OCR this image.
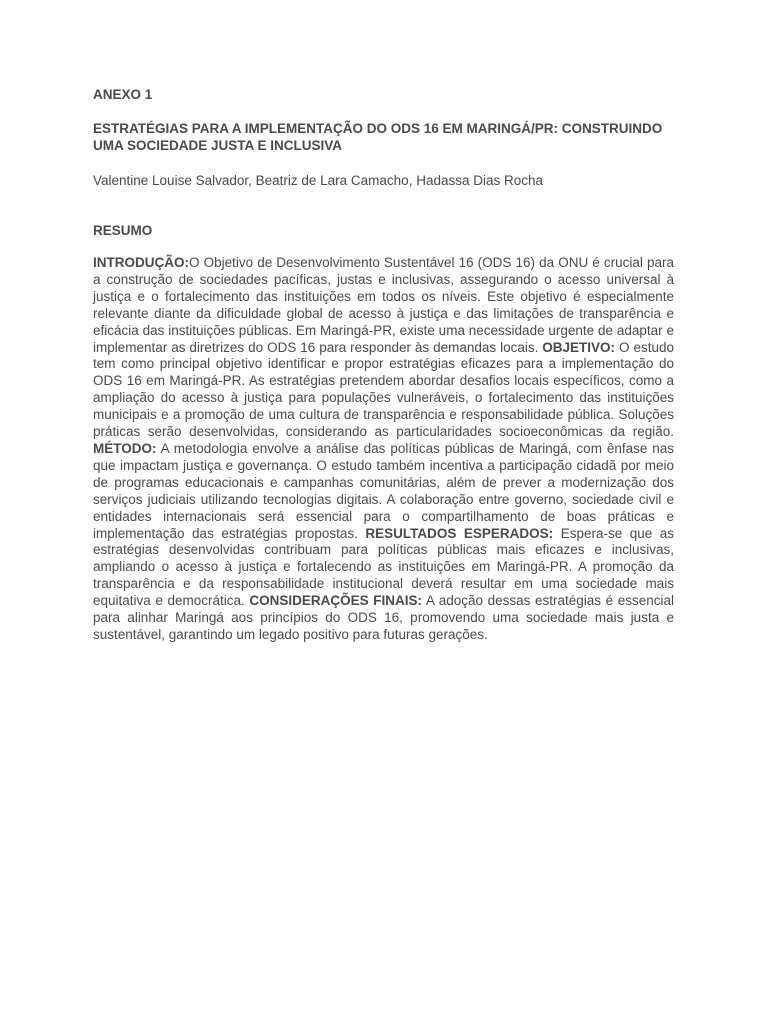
ANEXO 1

ESTRATÉGIAS PARA A IMPLEMENTAÇÃO DO ODS 16 EM MARINGÁ/PR: CONSTRUINDO UMA SOCIEDADE JUSTA E INCLUSIVA

Valentine Louise Salvador, Beatriz de Lara Camacho, Hadassa Dias Rocha

RESUMO

INTRODUÇÃO:O Objetivo de Desenvolvimento Sustentável 16 (ODS 16) da ONU é crucial para a construção de sociedades pacíficas, justas e inclusivas, assegurando o acesso universal à justiça e o fortalecimento das instituições em todos os níveis. Este objetivo é especialmente relevante diante da dificuldade global de acesso à justiça e das limitações de transparência e eficácia das instituições públicas. Em Maringá-PR, existe uma necessidade urgente de adaptar e implementar as diretrizes do ODS 16 para responder às demandas locais. OBJETIVO: O estudo tem como principal objetivo identificar e propor estratégias eficazes para a implementação do ODS 16 em Maringá-PR. As estratégias pretendem abordar desafios locais específicos, como a ampliação do acesso à justiça para populações vulneráveis, o fortalecimento das instituições municipais e a promoção de uma cultura de transparência e responsabilidade pública. Soluções práticas serão desenvolvidas, considerando as particularidades socioeconômicas da região. MÉTODO: A metodologia envolve a análise das políticas públicas de Maringá, com ênfase nas que impactam justiça e governança. O estudo também incentiva a participação cidadã por meio de programas educacionais e campanhas comunitárias, além de prever a modernização dos serviços judiciais utilizando tecnologias digitais. A colaboração entre governo, sociedade civil e entidades internacionais será essencial para o compartilhamento de boas práticas e implementação das estratégias propostas. RESULTADOS ESPERADOS: Espera-se que as estratégias desenvolvidas contribuam para políticas públicas mais eficazes e inclusivas, ampliando o acesso à justiça e fortalecendo as instituições em Maringá-PR. A promoção da transparência e da responsabilidade institucional deverá resultar em uma sociedade mais equitativa e democrática. CONSIDERAÇÕES FINAIS: A adoção dessas estratégias é essencial para alinhar Maringá aos princípios do ODS 16, promovendo uma sociedade mais justa e sustentável, garantindo um legado positivo para futuras gerações.
